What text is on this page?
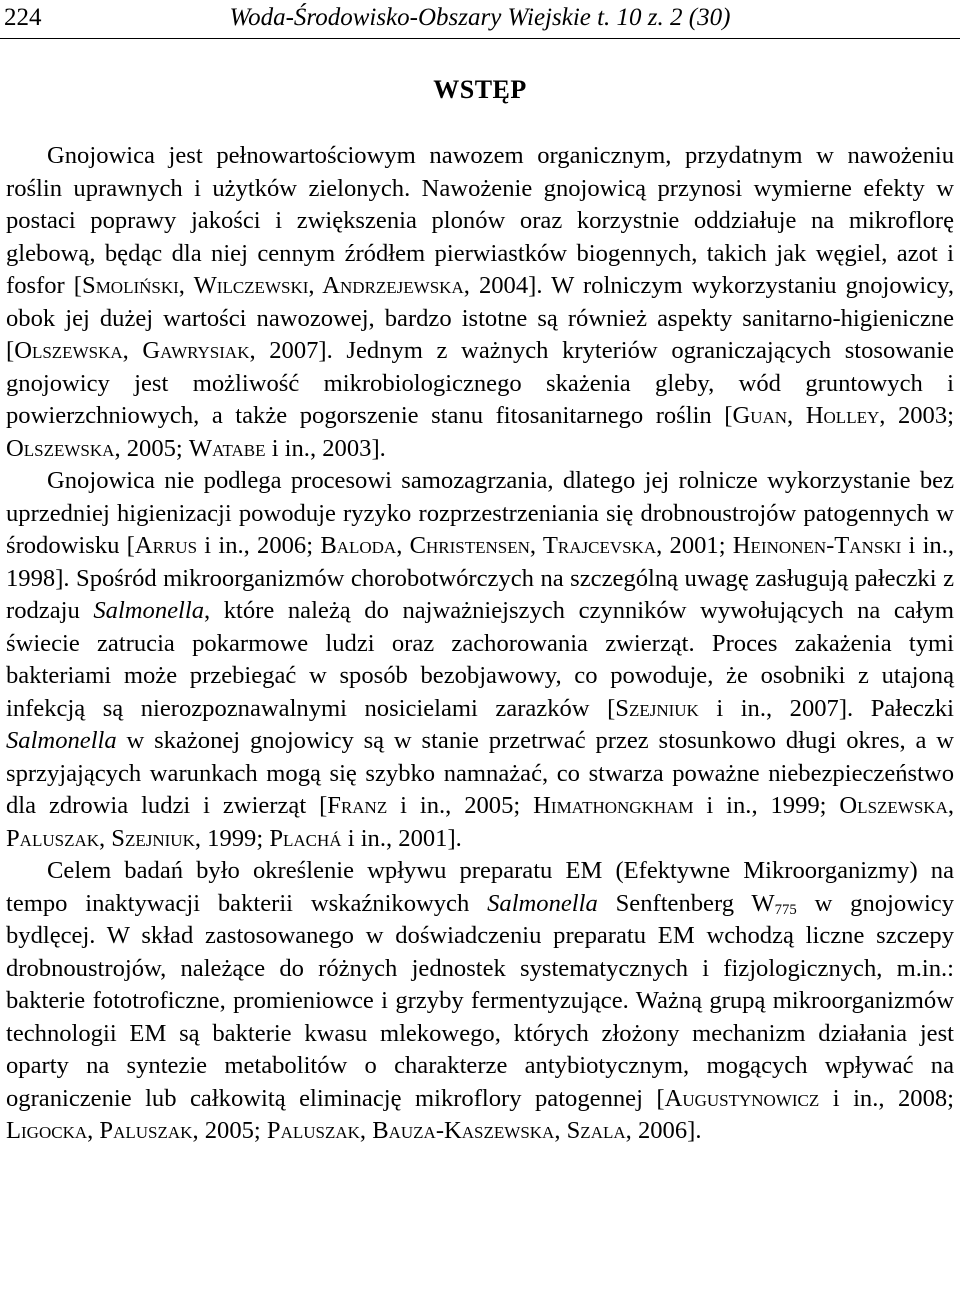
224	Woda-Środowisko-Obszary Wiejskie t. 10 z. 2 (30)
WSTĘP

Gnojowica jest pełnowartościowym nawozem organicznym, przydatnym w nawożeniu roślin uprawnych i użytków zielonych. Nawożenie gnojowicą przynosi wymierne efekty w postaci poprawy jakości i zwiększenia plonów oraz korzystnie oddziałuje na mikroflorę glebową, będąc dla niej cennym źródłem pierwiastków biogennych, takich jak węgiel, azot i fosfor [Smoliński, Wilczewski, Andrzejewska, 2004]. W rolniczym wykorzystaniu gnojowicy, obok jej dużej wartości nawozowej, bardzo istotne są również aspekty sanitarno-higieniczne [Olszewska, Gawrysiak, 2007]. Jednym z ważnych kryteriów ograniczających stosowanie gnojowicy jest możliwość mikrobiologicznego skażenia gleby, wód gruntowych i powierzchniowych, a także pogorszenie stanu fitosanitarnego roślin [Guan, Holley, 2003; Olszewska, 2005; Watabe i in., 2003].

Gnojowica nie podlega procesowi samozagrzania, dlatego jej rolnicze wykorzystanie bez uprzedniej higienizacji powoduje ryzyko rozprzestrzeniania się drobnoustrojów patogennych w środowisku [Arrus i in., 2006; Baloda, Christensen, Trajcevska, 2001; Heinonen-Tanski i in., 1998]. Spośród mikroorganizmów chorobotwórczych na szczególną uwagę zasługują pałeczki z rodzaju Salmonella, które należą do najważniejszych czynników wywołujących na całym świecie zatrucia pokarmowe ludzi oraz zachorowania zwierząt. Proces zakażenia tymi bakteriami może przebiegać w sposób bezobjawowy, co powoduje, że osobniki z utajoną infekcją są nierozpoznawalnymi nosicielami zarazków [Szejniuk i in., 2007]. Pałeczki Salmonella w skażonej gnojowicy są w stanie przetrwać przez stosunkowo długi okres, a w sprzyjających warunkach mogą się szybko namnażać, co stwarza poważne niebezpieczeństwo dla zdrowia ludzi i zwierząt [Franz i in., 2005; Himathongkham i in., 1999; Olszewska, Paluszak, Szejniuk, 1999; Plachá i in., 2001].

Celem badań było określenie wpływu preparatu EM (Efektywne Mikroorganizmy) na tempo inaktywacji bakterii wskaźnikowych Salmonella Senftenberg $W_{775}$ w gnojowicy bydlęcej. W skład zastosowanego w doświadczeniu preparatu EM wchodzą liczne szczepy drobnoustrojów, należące do różnych jednostek systematycznych i fizjologicznych, m.in.: bakterie fototroficzne, promieniowce i grzyby fermentyzujące. Ważną grupą mikroorganizmów technologii EM są bakterie kwasu mlekowego, których złożony mechanizm działania jest oparty na syntezie metabolitów o charakterze antybiotycznym, mogących wpływać na ograniczenie lub całkowitą eliminację mikroflory patogennej [Augustynowicz i in., 2008; Ligocka, Paluszak, 2005; Paluszak, Bauza-Kaszewska, Szala, 2006].
